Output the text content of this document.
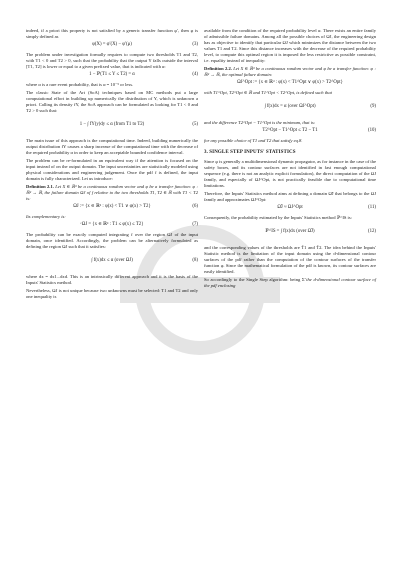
indeed, if a priori this property is not satisfied by a generic transfer function φ′, then φ is simply defined as

φ(X) = φ′(X) − φ′(μ)	(3)

The problem under investigation formally requires to compute two thresholds T1 and T2, with T1 < 0 and T2 > 0, such that the probability that the output Y falls outside the interval [T1, T2] is lower or equal to a given prefixed value, that is indicated with α:

1 − ℙ(T1 ≤ Y ≤ T2) = α	(4)

where α is a rare event probability, that is α = 10⁻⁵ or less.

The classic State of the Art (SoA) techniques based on MC methods put a large computational effort in building up numerically the distribution of Y, which is unknown a priori. Calling its density fY, the SoA approach can be formulated as looking for T1 < 0 and T2 > 0 such that:

1 − ∫ fY(y)dy ≤ α (from T1 to T2)	(5)

The main issue of this approach is the computational time. Indeed, building numerically the output distribution fY causes a sharp increase of the computational time with the decrease of the required probability α in order to keep an acceptable bounded confidence interval.

The problem can be re-formulated in an equivalent way if the attention is focused on the input instead of on the output domain. The input uncertainties are statistically modeled using physical considerations and engineering judgement. Once the pdf f is defined, the input domain is fully characterized. Let us introduce:

Definition 2.1. Let X ∈ ℝᵈ be a continuous random vector and φ be a transfer function: φ : ℝᵈ → ℝ, the failure domain ΩJ of f relative to the two thresholds T1, T2 ∈ ℝ with T1 < T2 is:

ΩJ := {x ∈ ℝᵈ : φ(x) < T1 ∨ φ(x) > T2}	(6)

Its complementary is:

ᶜΩJ = {x ∈ ℝᵈ : T1 ≤ φ(x) ≤ T2}	(7)

The probability can be exactly computed integrating f over the region ΩJ of the input domain, once identified. Accordingly, the problem can be alternatively formulated as defining the region ΩJ such that it satisfies:

∫ f(x)dx ≤ α (over ΩJ)	(8)

where dx = dx1...dxd. This is an intrinsically different approach and it is the basis of the Inputs' Statistics method.

Nevertheless, ΩJ is not unique because two unknowns must be selected: T1 and T2 and only one inequality is

available from the condition of the required probability level α. There exists an entire family of admissible failure domains. Among all the possible choices of ΩJ, the engineering design has as objective to identify that particular ΩJ which minimizes the distance between the two values T1 and T2. Since this distance increases with the decrease of the required probability level, to compute this optimal region it is imposed the less restrictive as possible constraint, i.e. equality instead of inequality:

Definition 2.2. Let X ∈ ℝᵈ be a continuous random vector and φ be a transfer function: φ : ℝᵈ → ℝ, the optimal failure domain:

ΩJ^Opt := {x ∈ ℝᵈ : φ(x) < T1^Opt ∨ φ(x) > T2^Opt}

with T1^Opt, T2^Opt ∈ ℝ and T1^Opt < T2^Opt, is defined such that

∫ f(x)dx = α (over ΩJ^Opt)	(9)

and the difference T2^Opt − T1^Opt is the minimum, that is:

T2^Opt − T1^Opt ≤ T2 − T1	(10)

for any possible choice of T1 and T2 that satisfy eq.8.

3. SINGLE STEP INPUTS' STATISTICS

Since φ is generally a multidimensional dynamic propagator, as for instance in the case of the safety boxes, and its contour surfaces are not identified in fast enough computational sequence (e.g. there is not an analytic explicit formulation), the direct computation of the ΩJ family, and especially of ΩJ^Opt, is not practically feasible due to computational time limitations.

Therefore, the Inputs' Statistics method aims at defining a domain Ω̃J that belongs to the ΩJ family and approximates ΩJ^Opt:

Ω̃J ≈ ΩJ^Opt	(11)

Consequently, the probability estimated by the Inputs' Statistics method ℙ^IS is:

ℙ^IS = ∫ f(x)dx (over Ω̃J)	(12)

and the corresponding values of the thresholds are T̃1 and T̃2. The idea behind the Inputs' Statistic method is the limitation of the input domain using the d-dimensional contour surfaces of the pdf rather than the computation of the contour surfaces of the transfer function φ. Since the mathematical formulation of the pdf is known, its contour surfaces are easily identified.

So accordingly to the Single Step algorithm: being Σ̃ the d-dimensional contour surface of the pdf enclosing
